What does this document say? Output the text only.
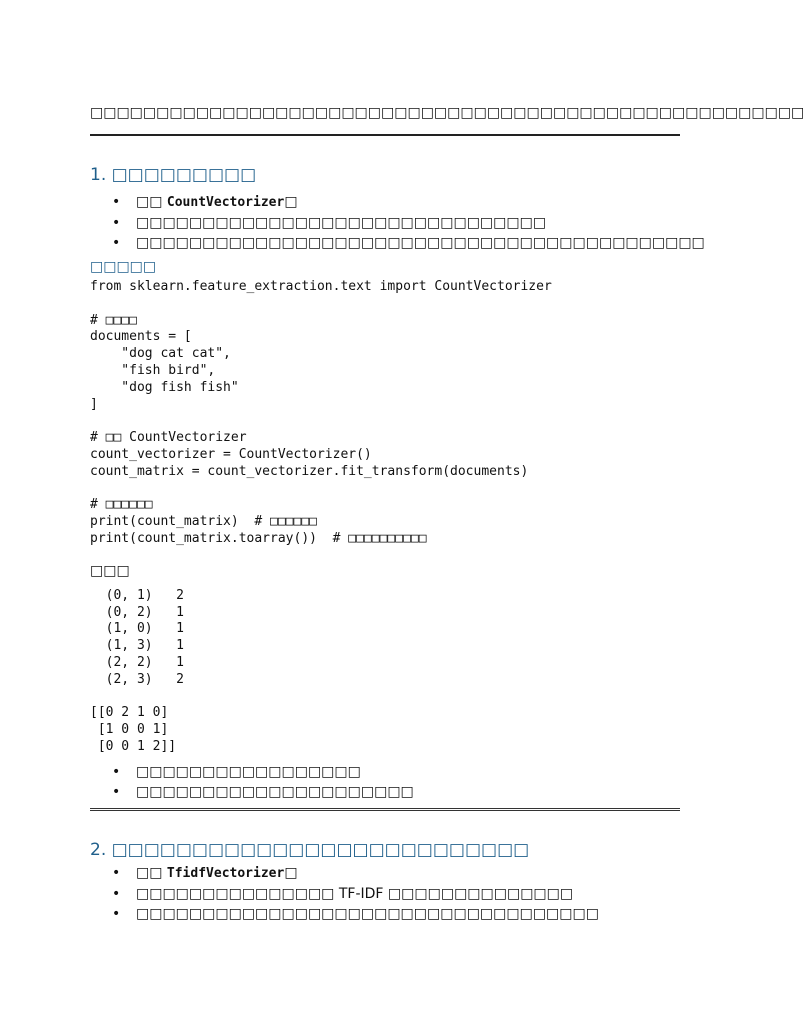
□□□□□□□□□□□□□□□□□□□□□□□□□□□□□□□□□□□□□□□□□□□□□□□□□□□□□□

1. □□□□□□□□□
• □□ CountVectorizer□
• □□□□□□□□□□□□□□□□□□□□□□□□□□□□□□□
• □□□□□□□□□□□□□□□□□□□□□□□□□□□□□□□□□□□□□□□□□□□
□□□□□
from sklearn.feature_extraction.text import CountVectorizer

# □□□□
documents = [
"dog cat cat",
"fish bird",
"dog fish fish"
]

# □□ CountVectorizer
count_vectorizer = CountVectorizer()
count_matrix = count_vectorizer.fit_transform(documents)

# □□□□□□
print(count_matrix)  # □□□□□□
print(count_matrix.toarray())  # □□□□□□□□□□

□□□

(0, 1)   2
(0, 2)   1
(1, 0)   1
(1, 3)   1
(2, 2)   1
(2, 3)   2

[[0 2 1 0]
[1 0 0 1]
[0 0 1 2]]
• □□□□□□□□□□□□□□□□□
• □□□□□□□□□□□□□□□□□□□□□
2. □□□□□□□□□□□□□□□□□□□□□□□□□□
• □□ TfidfVectorizer□
• □□□□□□□□□□□□□□□ TF-IDF □□□□□□□□□□□□□□
• □□□□□□□□□□□□□□□□□□□□□□□□□□□□□□□□□□□
